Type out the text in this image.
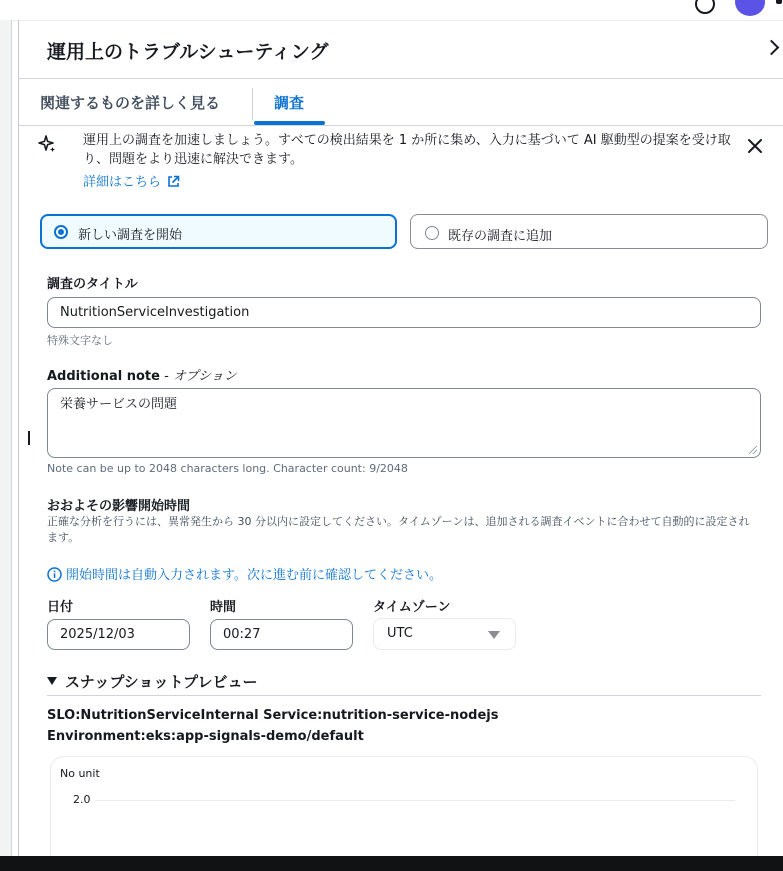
運用上のトラブルシューティング
関連するものを詳しく見る	調査
運用上の調査を加速しましょう。すべての検出結果を 1 か所に集め、入力に基づいて AI 駆動型の提案を受け取り、問題をより迅速に解決できます。
詳細はこちら
新しい調査を開始	既存の調査に追加
調査のタイトル
NutritionServiceInvestigation
特殊文字なし
Additional note - オプション
栄養サービスの問題
Note can be up to 2048 characters long. Character count: 9/2048
おおよその影響開始時間
正確な分析を行うには、異常発生から 30 分以内に設定してください。タイムゾーンは、追加される調査イベントに合わせて自動的に設定されます。
開始時間は自動入力されます。次に進む前に確認してください。
日付
2025/12/03
時間
00:27
タイムゾーン
UTC
スナップショットプレビュー
SLO:NutritionServiceInternal Service:nutrition-service-nodejs Environment:eks:app-signals-demo/default
No unit
2.0
